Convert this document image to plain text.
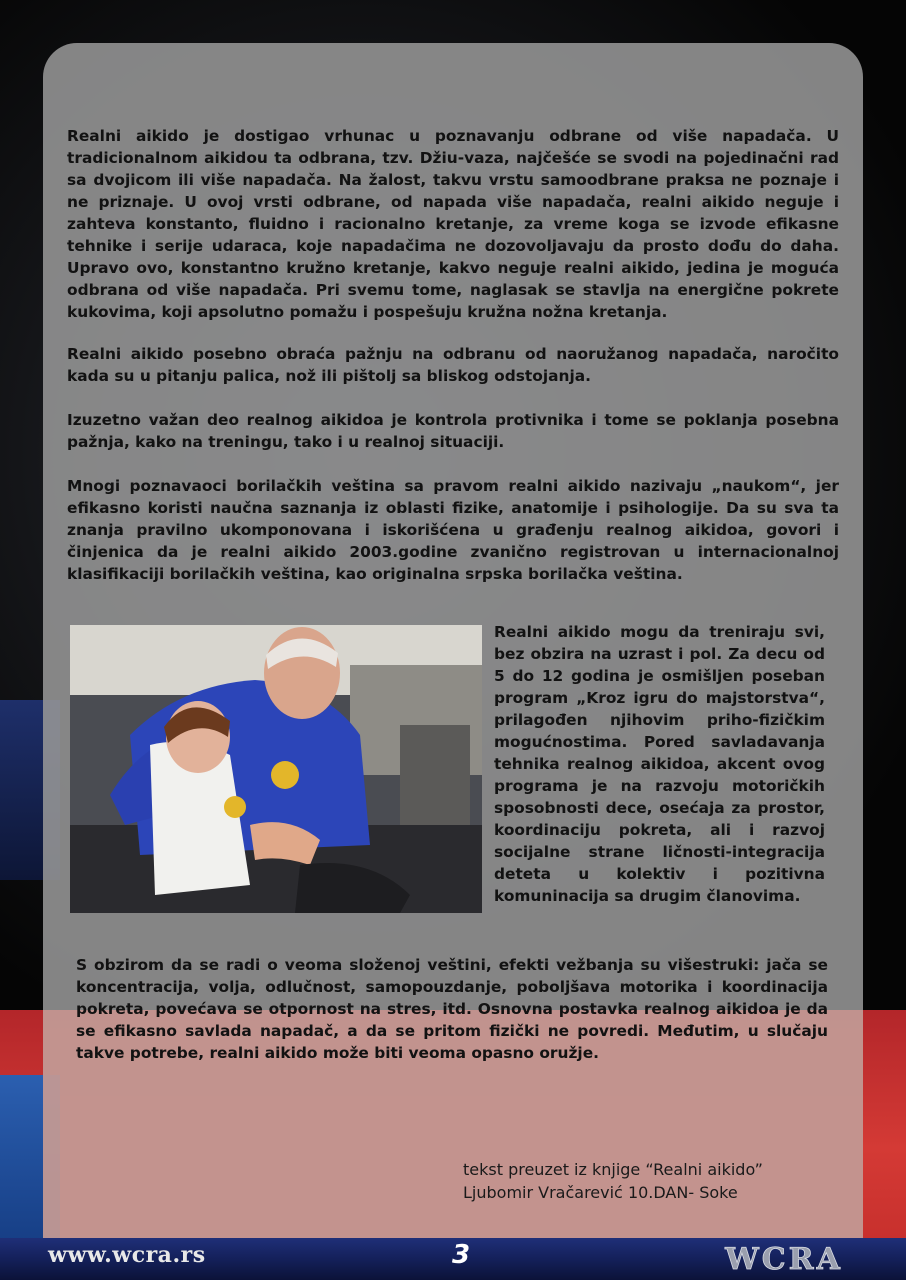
Realni aikido je dostigao vrhunac u poznavanju odbrane od više napadača. U tradicionalnom aikidou ta odbrana, tzv. Džiu-vaza, najčešće se svodi na pojedinačni rad sa dvojicom ili više napadača. Na žalost, takvu vrstu samoodbrane praksa ne poznaje i ne priznaje. U ovoj vrsti odbrane, od napada više napadača, realni aikido neguje i zahteva konstanto, fluidno i racionalno kretanje, za vreme koga se izvode efikasne tehnike i serije udaraca, koje napadačima ne dozovoljavaju da prosto dođu do daha. Upravo ovo, konstantno kružno kretanje, kakvo neguje realni aikido, jedina je moguća odbrana od više napadača. Pri svemu tome, naglasak se stavlja na energične pokrete kukovima, koji apsolutno pomažu i pospešuju kružna nožna kretanja.

Realni aikido posebno obraća pažnju na odbranu od naoružanog napadača, naročito kada su u pitanju palica, nož ili pištolj sa bliskog odstojanja.

Izuzetno važan deo realnog aikidoa je kontrola protivnika i tome se poklanja posebna pažnja, kako na treningu, tako i u realnoj situaciji.

Mnogi poznavaoci borilačkih veština sa pravom realni aikido nazivaju „naukom“, jer efikasno koristi naučna saznanja iz oblasti fizike, anatomije i psihologije. Da su sva ta znanja pravilno ukomponovana i iskorišćena u građenju realnog aikidoa, govori i činjenica da je realni aikido 2003.godine zvanično registrovan u internacionalnoj klasifikaciji borilačkih veština, kao originalna srpska borilačka veština.

Realni aikido mogu da treniraju svi, bez obzira na uzrast i pol. Za decu od 5 do 12 godina je osmišljen poseban program „Kroz igru do majstorstva“, prilagođen njihovim priho-fizičkim mogućnostima. Pored savladavanja tehnika realnog aikidoa, akcent ovog programa je na razvoju motoričkih sposobnosti dece, osećaja za prostor, koordinaciju pokreta, ali i razvoj socijalne strane ličnosti-integracija deteta u kolektiv i pozitivna komuninacija sa drugim članovima.

S obzirom da se radi o veoma složenoj veštini, efekti vežbanja su višestruki: jača se koncentracija, volja, odlučnost, samopouzdanje, poboljšava motorika i koordinacija pokreta, povećava se otpornost na stres, itd. Osnovna postavka realnog aikidoa je da se efikasno savlada napadač, a da se pritom fizički ne povredi. Međutim, u slučaju takve potrebe, realni aikido može biti veoma opasno oružje.

tekst preuzet iz knjige “Realni aikido”
Ljubomir Vračarević 10.DAN- Soke
www.wcra.rs	3	WCRA
